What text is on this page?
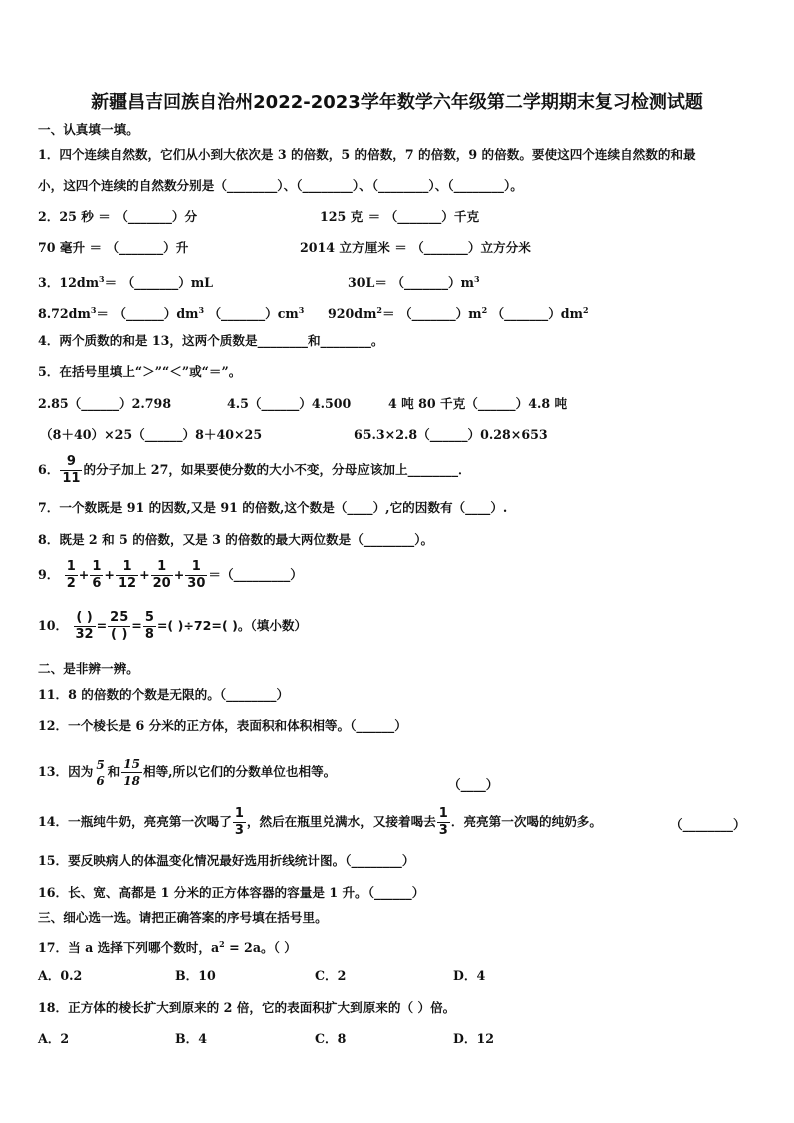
新疆昌吉回族自治州2022-2023学年数学六年级第二学期期末复习检测试题
一、认真填一填。
1．四个连续自然数，它们从小到大依次是 3 的倍数，5 的倍数，7 的倍数，9 的倍数。要使这四个连续自然数的和最
小，这四个连续的自然数分别是（________）、（________）、（________）、（________）。
2．25 秒 ＝ （_______）分	125 克 ＝ （_______）千克
70 毫升 ＝ （_______）升	2014 立方厘米 ＝ （_______）立方分米
3．$12dm^3=$ （_______）mL	$30L= (\_\_\_\_\_\_\_)m^3$
$8.72dm^3=$ $(\_\_\_\_\_\_)dm^3$ $(\_\_\_\_\_\_\_)cm^3$ $920dm^2=$ $(\_\_\_\_\_\_\_)m^2$ $(\_\_\_\_\_\_\_)dm^2$
4．两个质数的和是 13，这两个质数是________和________。
5．在括号里填上“＞”“＜”或“＝”。
2.85（______）2.798	4.5（______）4.500	4 吨 80 千克（______）4.8 吨
（8＋40）×25（______）8＋40×25	65.3×2.8（______）0.28×653
6． $\frac{9}{11}$ 的分子加上 27，如果要使分数的大小不变，分母应该加上________．
7．一个数既是 91 的因数,又是 91 的倍数,这个数是（____）,它的因数有（____）.
8．既是 2 和 5 的倍数，又是 3 的倍数的最大两位数是（________）。
9． $\frac{1}{2} + \frac{1}{6} + \frac{1}{12} + \frac{1}{20} + \frac{1}{30}$ ＝（_________）
10． $\frac{( )}{32} = \frac{25}{( )} = \frac{5}{8}$ =( )÷72=( )。（填小数）
二、是非辨一辨。
11．8 的倍数的个数是无限的。（________）
12．一个棱长是 6 分米的正方体，表面积和体积相等。（______）
13．因为 5
6
和 $\frac{15}{18}$ 相等,所以它们的分数单位也相等。
（____）
14．一瓶纯牛奶，亮亮第一次喝了 $\frac{1}{3}$ ，然后在瓶里兑满水，又接着喝去 $\frac{1}{3}$ ．亮亮第一次喝的纯奶多。	（________）
15．要反映病人的体温变化情况最好选用折线统计图。（________）
16．长、宽、高都是 1 分米的正方体容器的容量是 1 升。（______）
三、细心选一选。请把正确答案的序号填在括号里。
17．当 a 选择下列哪个数时，$a^2 = 2a$。（ ）
A．0.2	B．10	C．2	D．4
18．正方体的棱长扩大到原来的 2 倍，它的表面积扩大到原来的（ ）倍。
A．2	B．4	C．8	D．12
